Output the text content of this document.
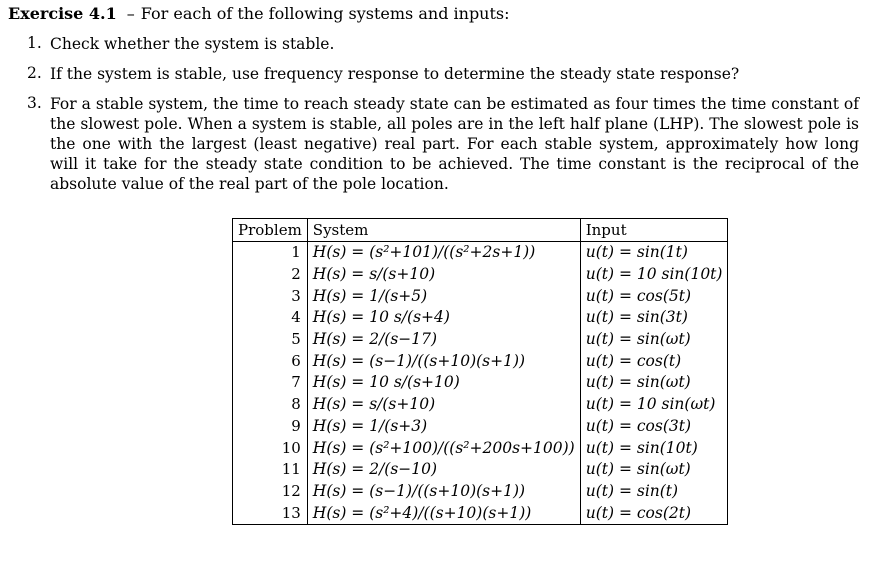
Exercise 4.1 – For each of the following systems and inputs:
1. Check whether the system is stable.
2. If the system is stable, use frequency response to determine the steady state response?
3. For a stable system, the time to reach steady state can be estimated as four times the time constant of the slowest pole. When a system is stable, all poles are in the left half plane (LHP). The slowest pole is the one with the largest (least negative) real part. For each stable system, approximately how long will it take for the steady state condition to be achieved. The time constant is the reciprocal of the absolute value of the real part of the pole location.
Problem	System	Input
1	H(s) = (s²+101)/((s²+2s+1))	u(t) = sin(1t)
2	H(s) = s/(s+10)	u(t) = 10 sin(10t)
3	H(s) = 1/(s+5)	u(t) = cos(5t)
4	H(s) = 10 s/(s+4)	u(t) = sin(3t)
5	H(s) = 2/(s−17)	u(t) = sin(ωt)
6	H(s) = (s−1)/((s+10)(s+1))	u(t) = cos(t)
7	H(s) = 10 s/(s+10)	u(t) = sin(ωt)
8	H(s) = s/(s+10)	u(t) = 10 sin(ωt)
9	H(s) = 1/(s+3)	u(t) = cos(3t)
10	H(s) = (s²+100)/((s²+200s+100))	u(t) = sin(10t)
11	H(s) = 2/(s−10)	u(t) = sin(ωt)
12	H(s) = (s−1)/((s+10)(s+1))	u(t) = sin(t)
13	H(s) = (s²+4)/((s+10)(s+1))	u(t) = cos(2t)
